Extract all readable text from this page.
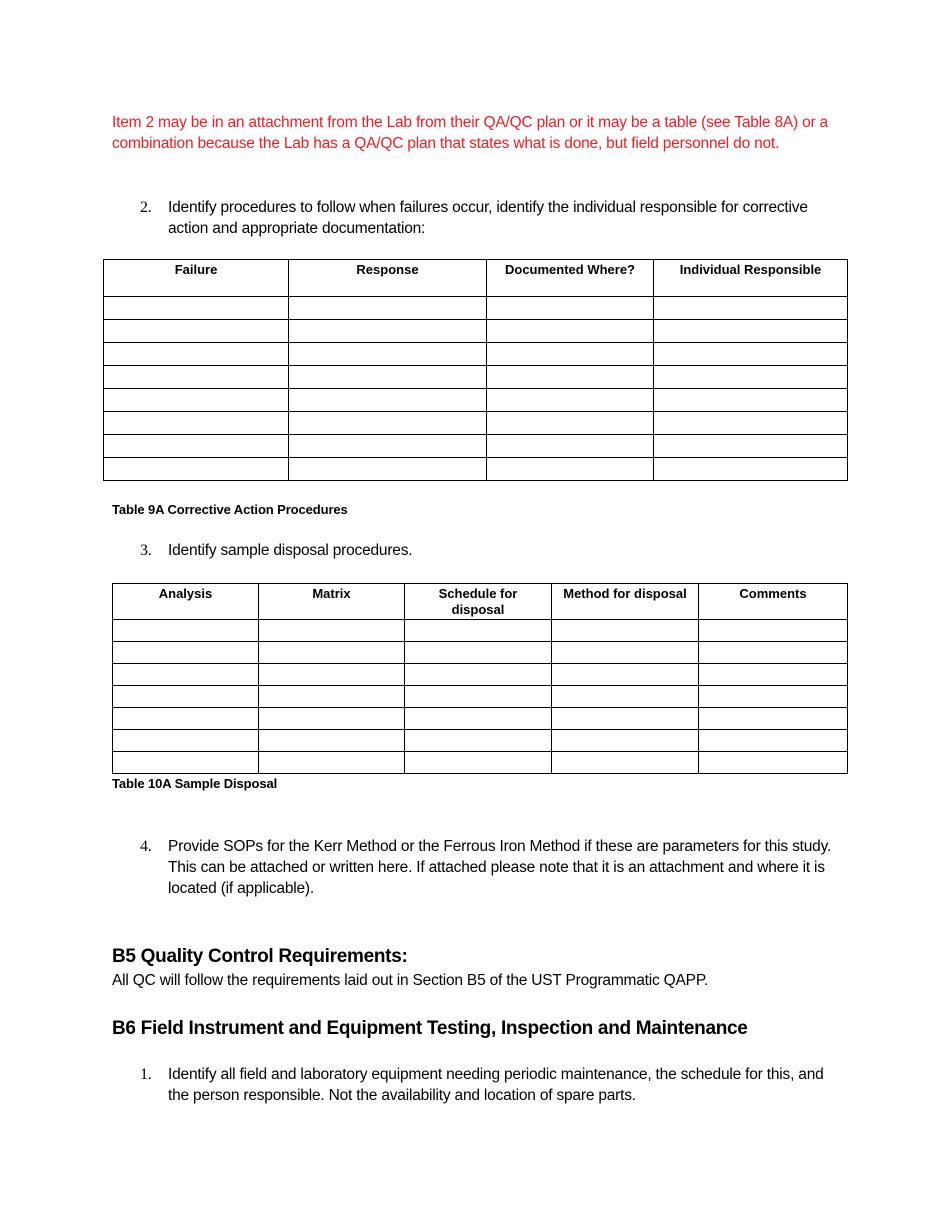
Item 2 may be in an attachment from the Lab from their QA/QC plan or it may be a table (see Table 8A) or a combination because the Lab has a QA/QC plan that states what is done, but field personnel do not.
2.	Identify procedures to follow when failures occur, identify the individual responsible for corrective action and appropriate documentation:
Failure	Response	Documented Where?	Individual Responsible

Table 9A Corrective Action Procedures
3.	Identify sample disposal procedures.
Analysis	Matrix	Schedule for disposal	Method for disposal	Comments

Table 10A Sample Disposal
4.	Provide SOPs for the Kerr Method or the Ferrous Iron Method if these are parameters for this study. This can be attached or written here. If attached please note that it is an attachment and where it is located (if applicable).
B5 Quality Control Requirements:
All QC will follow the requirements laid out in Section B5 of the UST Programmatic QAPP.
B6 Field Instrument and Equipment Testing, Inspection and Maintenance
1.	Identify all field and laboratory equipment needing periodic maintenance, the schedule for this, and the person responsible. Not the availability and location of spare parts.
